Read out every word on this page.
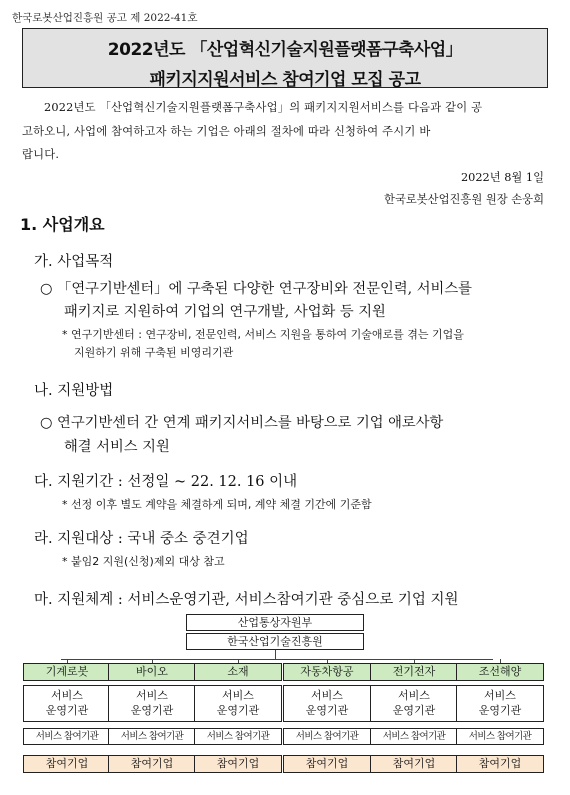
한국로봇산업진흥원 공고 제 2022-41호
2022년도 「산업혁신기술지원플랫폼구축사업」
패키지지원서비스 참여기업 모집 공고
2022년도 「산업혁신기술지원플랫폼구축사업」의 패키지지원서비스를 다음과 같이 공
고하오니, 사업에 참여하고자 하는 기업은 아래의 절차에 따라 신청하여 주시기 바
랍니다.
2022년 8월 1일
한국로봇산업진흥원 원장 손웅희
1. 사업개요
가. 사업목적
○ 「연구기반센터」에 구축된 다양한 연구장비와 전문인력, 서비스를
패키지로 지원하여 기업의 연구개발, 사업화 등 지원
* 연구기반센터 : 연구장비, 전문인력, 서비스 지원을 통하여 기술애로를 겪는 기업을
지원하기 위해 구축된 비영리기관
나. 지원방법
○ 연구기반센터 간 연계 패키지서비스를 바탕으로 기업 애로사항
해결 서비스 지원
다. 지원기간 : 선정일 ~ 22. 12. 16 이내
* 선정 이후 별도 계약을 체결하게 되며, 계약 체결 기간에 기준함
라. 지원대상 : 국내 중소 중견기업
* 붙임2 지원(신청)제외 대상 참고
마. 지원체계 : 서비스운영기관, 서비스참여기관 중심으로 기업 지원
산업통상자원부
한국산업기술진흥원
기계로봇
서비스
운영기관
서비스 참여기관
참여기업
바이오
서비스
운영기관
서비스 참여기관
참여기업
소재
서비스
운영기관
서비스 참여기관
참여기업
자동차항공
서비스
운영기관
서비스 참여기관
참여기업
전기전자
서비스
운영기관
서비스 참여기관
참여기업
조선해양
서비스
운영기관
서비스 참여기관
참여기업
